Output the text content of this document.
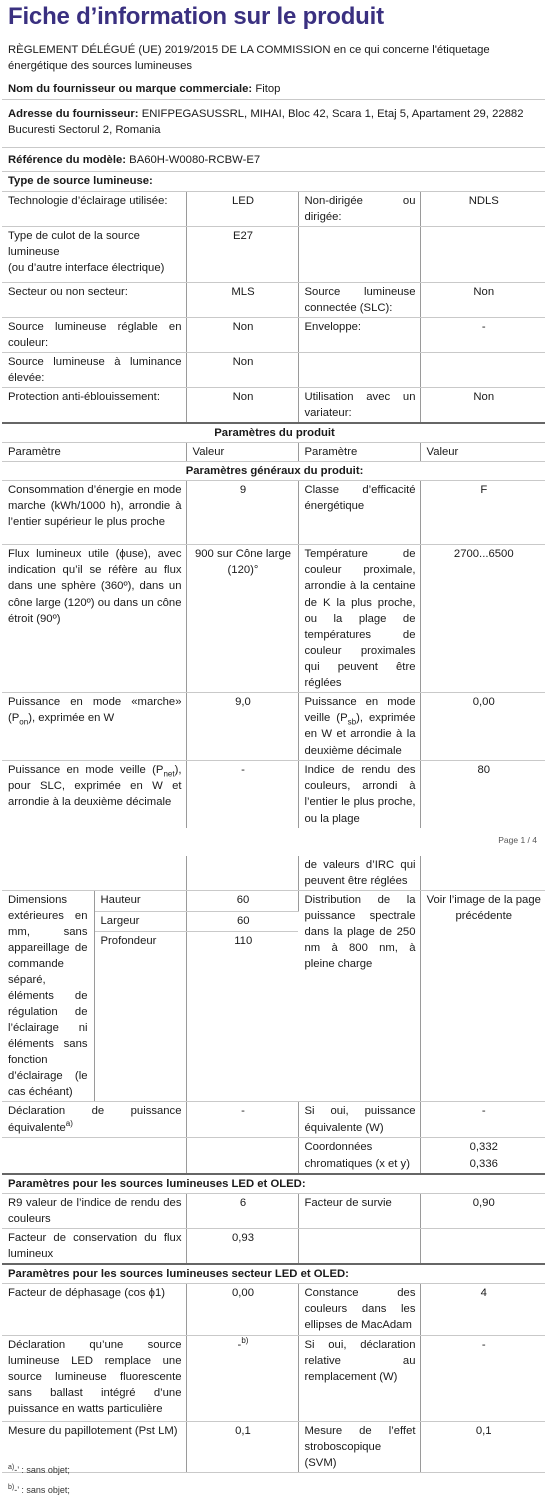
Fiche d’information sur le produit
RÈGLEMENT DÉLÉGUÉ (UE) 2019/2015 DE LA COMMISSION en ce qui concerne l'étiquetage énergétique des sources lumineuses
Nom du fournisseur ou marque commerciale: Fitop			
Adresse du fournisseur: ENIFPEGASUSSRL, MIHAI, Bloc 42, Scara 1, Etaj 5, Apartament 29, 22882 Bucuresti Sectorul 2, Romania			
Référence du modèle: BA60H-W0080-RCBW-E7			
Type de source lumineuse:			
Technologie d’éclairage utilisée:	LED	Non-dirigée ou dirigée:	NDLS

Type de culot de la source lumineuse
(ou d’autre interface électrique)	E27		
Secteur ou non secteur:	MLS	Source lumineuse connectée (SLC):	Non
Source lumineuse réglable en couleur:	Non	Enveloppe:	-
Source lumineuse à luminance élevée:	Non		
Protection anti-éblouissement:	Non	Utilisation avec un variateur:	Non
Paramètres du produit			
Paramètre	Valeur	Paramètre	Valeur
Paramètres généraux du produit:			
Consommation d’énergie en mode marche (kWh/1000 h), arrondie à l’entier supérieur le plus proche	9	Classe d’efficacité énergétique	F
Flux lumineux utile (ϕuse), avec indication qu’il se réfère au flux dans une sphère (360º), dans un cône large (120º) ou dans un cône étroit (90º)	900 sur Cône large (120)°	Température de couleur proximale, arrondie à la centaine de K la plus proche, ou la plage de températures de couleur proximales qui peuvent être réglées	2700...6500
Puissance en mode «marche» $(P_{on})$, exprimée en W	9,0	Puissance en mode veille $(P_{sb})$, exprimée en W et arrondie à la deuxième décimale	0,00
Puissance en mode veille $(P_{net})$, pour SLC, exprimée en W et arrondie à la deuxième décimale	-	Indice de rendu des couleurs, arrondi à l’entier le plus proche, ou la plage	80
Page 1 / 4
			de valeurs d’IRC qui peuvent être réglées	
Dimensions extérieures en mm, sans appareillage de commande séparé, éléments de régulation de l’éclairage ni éléments sans fonction d’éclairage (le cas échéant)	Hauteur	60	Distribution de la puissance spectrale dans la plage de 250 nm à 800 nm, à pleine charge	Voir l’image de la page précédente
	Largeur	60		
	Profondeur	110		
Déclaration de puissance équivalente$^{a)}$		-	Si oui, puissance équivalente (W)	-
			Coordonnées chromatiques (x et y)	0,332
0,336

Paramètres pour les sources lumineuses LED et OLED:				
R9 valeur de l’indice de rendu des couleurs		6	Facteur de survie	0,90
Facteur de conservation du flux lumineux		0,93		
Paramètres pour les sources lumineuses secteur LED et OLED:				
Facteur de déphasage (cos ϕ1)		0,00	Constance des couleurs dans les ellipses de MacAdam	4
Déclaration qu’une source lumineuse LED remplace une source lumineuse fluorescente sans ballast intégré d’une puissance en watts particulière		-$^{b)}$	Si oui, déclaration relative au remplacement (W)	-
Mesure du papillotement (Pst LM)		0,1	Mesure de l’effet stroboscopique (SVM)	0,1
$^{a)}$-’ : sans objet;
$^{b)}$-’ : sans objet;
